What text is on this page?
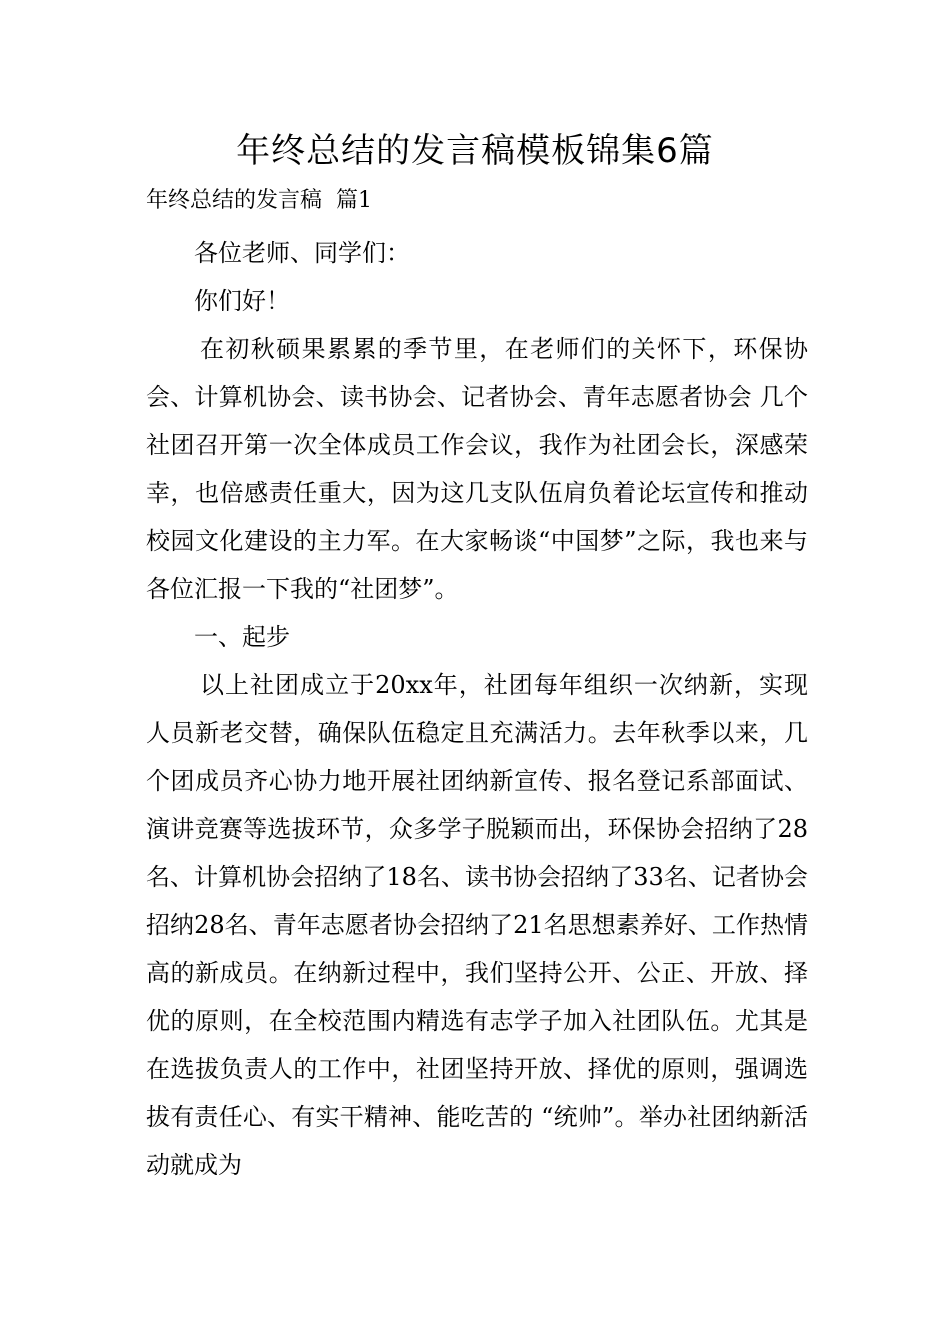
年终总结的发言稿模板锦集6篇
年终总结的发言稿  篇1

各位老师、同学们：

你们好！

在初秋硕果累累的季节里，在老师们的关怀下，环保协会、计算机协会、读书协会、记者协会、青年志愿者协会 几个社团召开第一次全体成员工作会议，我作为社团会长，深感荣幸，也倍感责任重大，因为这几支队伍肩负着论坛宣传和推动校园文化建设的主力军。在大家畅谈“中国梦”之际，我也来与各位汇报一下我的“社团梦”。

一、起步

以上社团成立于20xx年，社团每年组织一次纳新，实现人员新老交替，确保队伍稳定且充满活力。去年秋季以来，几个团成员齐心协力地开展社团纳新宣传、报名登记系部面试、演讲竞赛等选拔环节，众多学子脱颖而出，环保协会招纳了28名、计算机协会招纳了18名、读书协会招纳了33名、记者协会招纳28名、青年志愿者协会招纳了21名思想素养好、工作热情高的新成员。在纳新过程中，我们坚持公开、公正、开放、择优的原则，在全校范围内精选有志学子加入社团队伍。尤其是在选拔负责人的工作中，社团坚持开放、择优的原则，强调选拔有责任心、有实干精神、能吃苦的 “统帅”。举办社团纳新活动就成为
